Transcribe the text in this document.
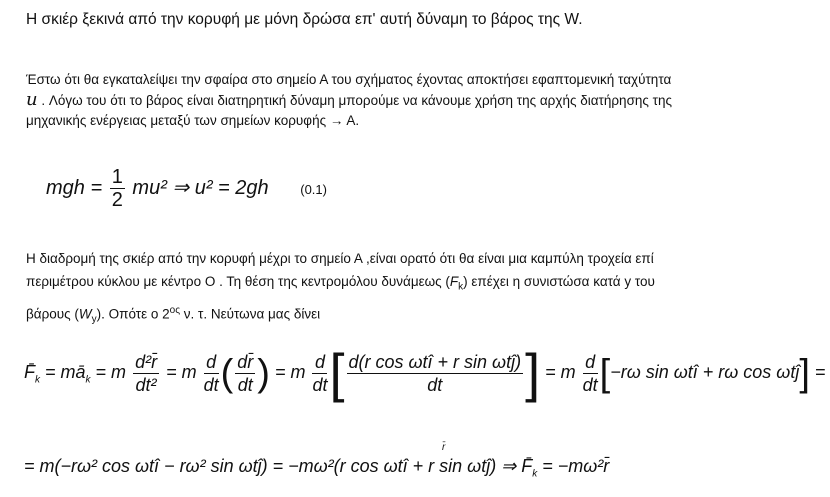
Η σκιέρ ξεκινά από την κορυφή με μόνη δρώσα επ' αυτή δύναμη το βάρος της W.
Έστω ότι θα εγκαταλείψει την σφαίρα στο σημείο Α του σχήματος έχοντας αποκτήσει εφαπτομενική ταχύτητα
u . Λόγω του ότι το βάρος είναι διατηρητική δύναμη μπορούμε να κάνουμε χρήση της αρχής διατήρησης της
μηχανικής ενέργειας μεταξύ των σημείων κορυφής → Α.
mgh = $\frac{1}{2} mu^2$ ⇒ u² = 2gh (0.1)
Η διαδρομή της σκιέρ από την κορυφή μέχρι το σημείο Α ,είναι ορατό ότι θα είναι μια καμπύλη τροχεία επί
περιμέτρου κύκλου με κέντρο Ο . Τη θέση της κεντρομόλου δυνάμεως $(F_k)$ επέχει η συνιστώσα κατά y του
βάρους $(W_y)$. Οπότε ο $2^{o\varsigma}$ ν. τ. Νεύτωνα μας δίνει
$F̄_k$ = $mā_k = m \frac{\text{d²r̄}}{\text{dt²}} = m \frac{d}{dt}$ ( $\frac{dr̄}{dt}$ ) = m $\frac{d}{dt}$ [ $\frac{\text{d(r cos ωtî + r sin ωtĵ)}}{dt}$ ] = m $\frac{d}{dt} [-r\omega$ sin ωtî + rω cos ωtĵ] =
r̄
= m(−rω² cos ωtî − rω² sin ωtĵ) = −mω²(r cos ωtî + r sin ωtĵ) ⇒ $F̄_k$ = −mω²r̄
